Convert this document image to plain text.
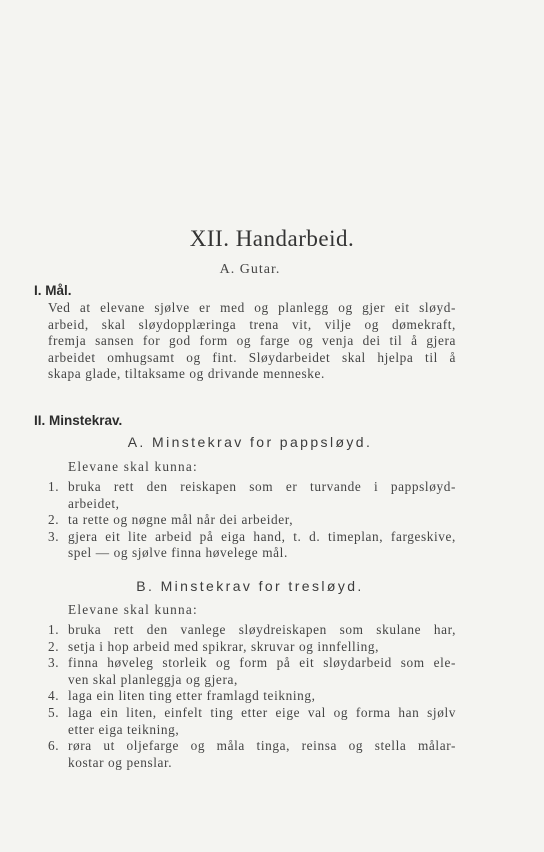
XII. Handarbeid.
A. Gutar.
I. Mål.
Ved at elevane sjølve er med og planlegg og gjer eit sløyd-
arbeid, skal sløydopplæringa trena vit, vilje og dømekraft,
fremja sansen for god form og farge og venja dei til å gjera
arbeidet omhugsamt og fint. Sløydarbeidet skal hjelpa til å
skapa glade, tiltaksame og drivande menneske.
II. Minstekrav.
A. Minstekrav for pappsløyd.
Elevane skal kunna:
1. bruka rett den reiskapen som er turvande i pappsløyd-
arbeidet,
2. ta rette og nøgne mål når dei arbeider,
3. gjera eit lite arbeid på eiga hand, t. d. timeplan, fargeskive,
spel — og sjølve finna høvelege mål.
B. Minstekrav for tresløyd.
Elevane skal kunna:
1. bruka rett den vanlege sløydreiskapen som skulane har,
2. setja i hop arbeid med spikrar, skruvar og innfelling,
3. finna høveleg storleik og form på eit sløydarbeid som ele-
ven skal planleggja og gjera,
4. laga ein liten ting etter framlagd teikning,
5. laga ein liten, einfelt ting etter eige val og forma han sjølv
etter eiga teikning,
6. røra ut oljefarge og måla tinga, reinsa og stella målar-
kostar og penslar.
